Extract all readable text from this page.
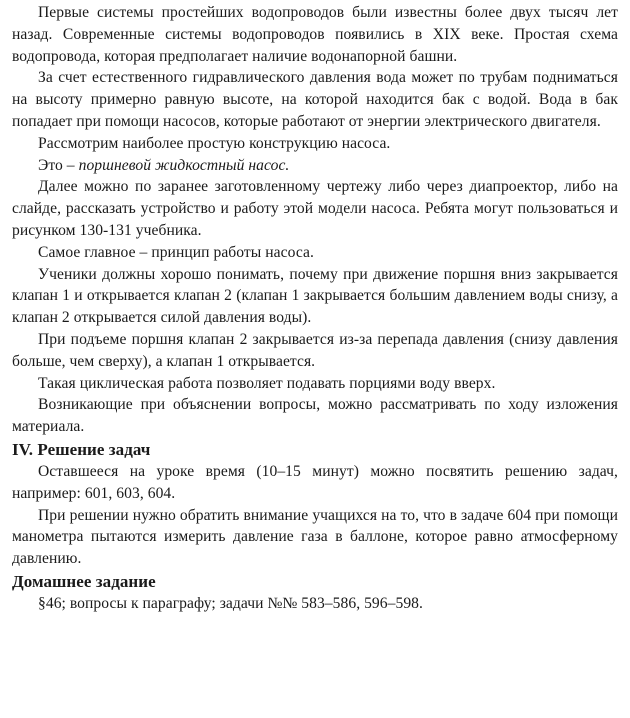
Первые системы простейших водопроводов были известны более двух тысяч лет назад. Современные системы водопроводов появились в XIX веке. Простая схема водопровода, которая предполагает наличие водонапорной башни.

За счет естественного гидравлического давления вода может по трубам подниматься на высоту примерно равную высоте, на которой находится бак с водой. Вода в бак попадает при помощи насосов, которые работают от энергии электрического двигателя.

Рассмотрим наиболее простую конструкцию насоса.

Это – поршневой жидкостный насос.

Далее можно по заранее заготовленному чертежу либо через диапроектор, либо на слайде, рассказать устройство и работу этой модели насоса. Ребята могут пользоваться и рисунком 130-131 учебника.

Самое главное – принцип работы насоса.

Ученики должны хорошо понимать, почему при движение поршня вниз закрывается клапан 1 и открывается клапан 2 (клапан 1 закрывается большим давлением воды снизу, а клапан 2 открывается силой давления воды).

При подъеме поршня клапан 2 закрывается из-за перепада давления (снизу давления больше, чем сверху), а клапан 1 открывается.

Такая циклическая работа позволяет подавать порциями воду вверх.

Возникающие при объяснении вопросы, можно рассматривать по ходу изложения материала.

IV. Решение задач

Оставшееся на уроке время (10–15 минут) можно посвятить решению задач, например: 601, 603, 604.

При решении нужно обратить внимание учащихся на то, что в задаче 604 при помощи манометра пытаются измерить давление газа в баллоне, которое равно атмосферному давлению.

Домашнее задание

§46; вопросы к параграфу; задачи №№ 583–586, 596–598.
